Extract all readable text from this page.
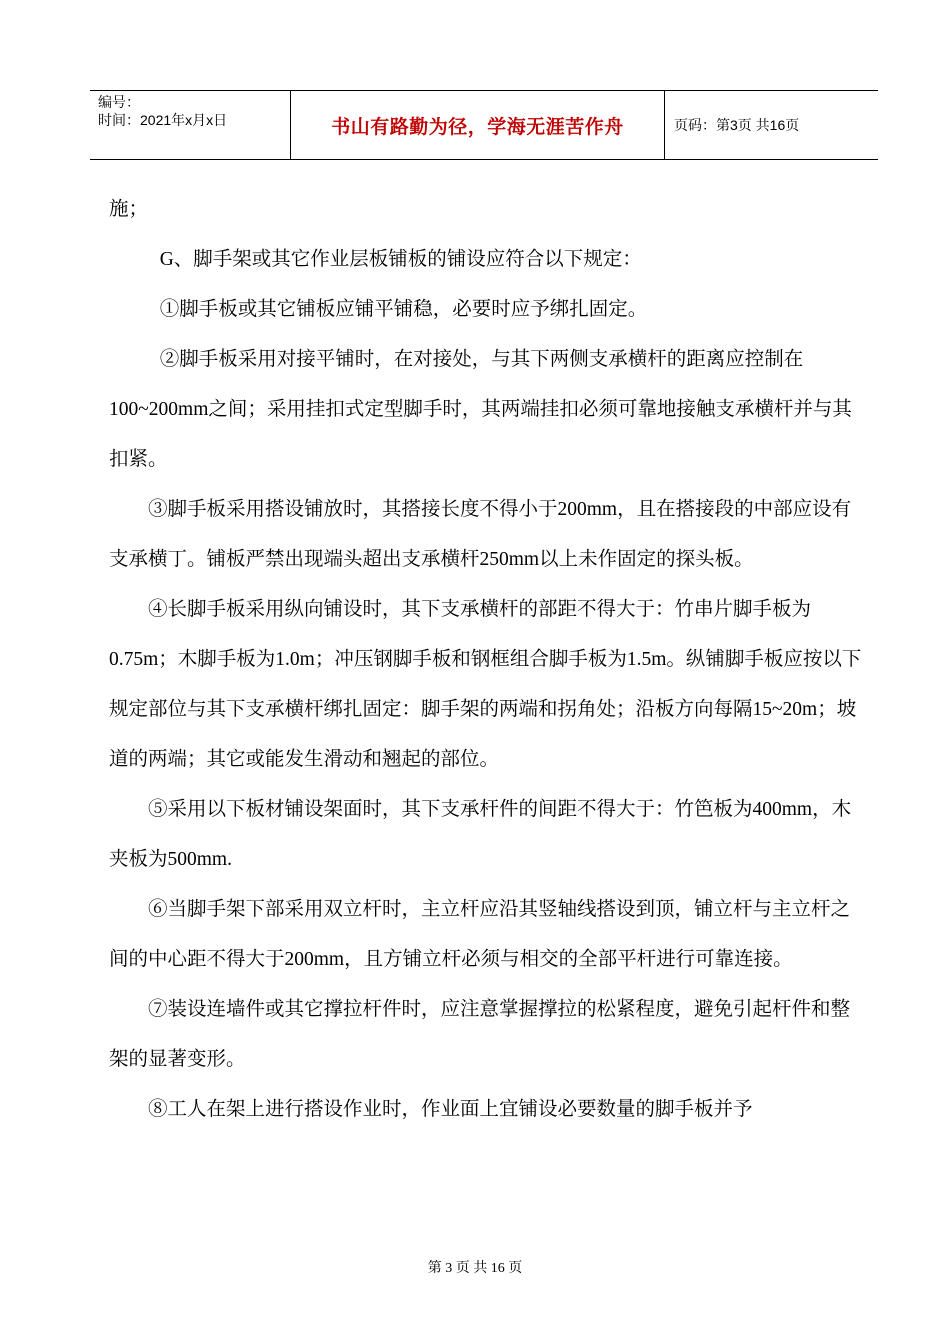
编号：
时间：2021年x月x日	书山有路勤为径，学海无涯苦作舟	页码：第3页 共16页

施；

G、脚手架或其它作业层板铺板的铺设应符合以下规定：

①脚手板或其它铺板应铺平铺稳，必要时应予绑扎固定。

②脚手板采用对接平铺时，在对接处，与其下两侧支承横杆的距离应控制在100~200mm之间；采用挂扣式定型脚手时，其两端挂扣必须可靠地接触支承横杆并与其扣紧。

③脚手板采用搭设铺放时，其搭接长度不得小于200mm，且在搭接段的中部应设有支承横丁。铺板严禁出现端头超出支承横杆250mm以上未作固定的探头板。

④长脚手板采用纵向铺设时，其下支承横杆的部距不得大于：竹串片脚手板为0.75m；木脚手板为1.0m；冲压钢脚手板和钢框组合脚手板为1.5m。纵铺脚手板应按以下规定部位与其下支承横杆绑扎固定：脚手架的两端和拐角处；沿板方向每隔15~20m；坡道的两端；其它或能发生滑动和翘起的部位。

⑤采用以下板材铺设架面时，其下支承杆件的间距不得大于：竹笆板为400mm，木夹板为500mm.

⑥当脚手架下部采用双立杆时，主立杆应沿其竖轴线搭设到顶，铺立杆与主立杆之间的中心距不得大于200mm，且方铺立杆必须与相交的全部平杆进行可靠连接。

⑦装设连墙件或其它撑拉杆件时，应注意掌握撑拉的松紧程度，避免引起杆件和整架的显著变形。

⑧工人在架上进行搭设作业时，作业面上宜铺设必要数量的脚手板并予

第 3 页 共 16 页
